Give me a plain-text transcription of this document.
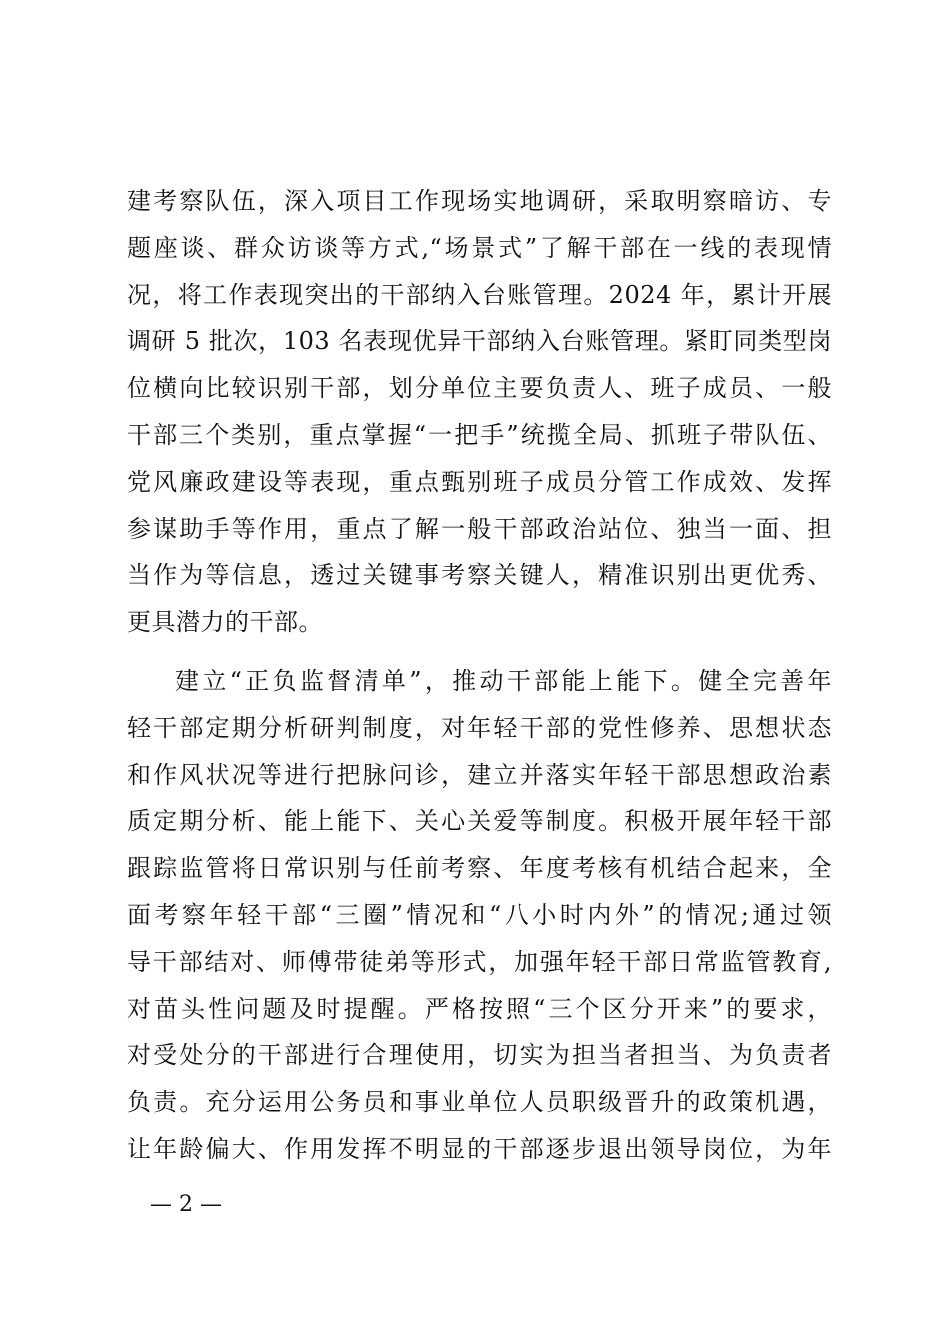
建考察队伍，深入项目工作现场实地调研，采取明察暗访、专
题座谈、群众访谈等方式,“场景式”了解干部在一线的表现情
况，将工作表现突出的干部纳入台账管理。2024 年，累计开展
调研 5 批次，103 名表现优异干部纳入台账管理。紧盯同类型岗
位横向比较识别干部，划分单位主要负责人、班子成员、一般
干部三个类别，重点掌握“一把手”统揽全局、抓班子带队伍、
党风廉政建设等表现，重点甄别班子成员分管工作成效、发挥
参谋助手等作用，重点了解一般干部政治站位、独当一面、担
当作为等信息，透过关键事考察关键人，精准识别出更优秀、
更具潜力的干部。
建立“正负监督清单”，推动干部能上能下。健全完善年
轻干部定期分析研判制度，对年轻干部的党性修养、思想状态
和作风状况等进行把脉问诊，建立并落实年轻干部思想政治素
质定期分析、能上能下、关心关爱等制度。积极开展年轻干部
跟踪监管将日常识别与任前考察、年度考核有机结合起来，全
面考察年轻干部“三圈”情况和“八小时内外”的情况;通过领
导干部结对、师傅带徒弟等形式，加强年轻干部日常监管教育,
对苗头性问题及时提醒。严格按照“三个区分开来”的要求，
对受处分的干部进行合理使用，切实为担当者担当、为负责者
负责。充分运用公务员和事业单位人员职级晋升的政策机遇，
让年龄偏大、作用发挥不明显的干部逐步退出领导岗位，为年
— 2 —
